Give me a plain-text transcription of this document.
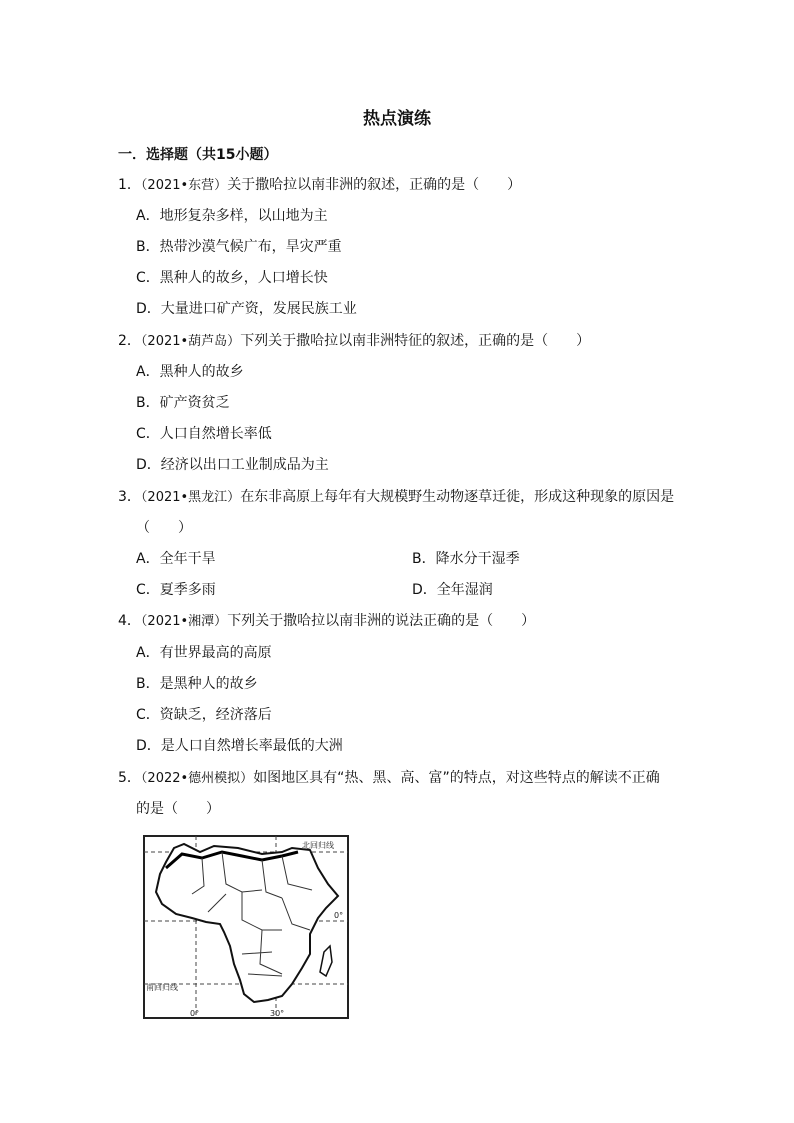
热点演练
一．选择题（共15小题）
1．（2021•东营）关于撒哈拉以南非洲的叙述，正确的是（　　）
A．地形复杂多样，以山地为主
B．热带沙漠气候广布，旱灾严重
C．黑种人的故乡，人口增长快
D．大量进口矿产资，发展民族工业
2．（2021•葫芦岛）下列关于撒哈拉以南非洲特征的叙述，正确的是（　　）
A．黑种人的故乡
B．矿产资贫乏
C．人口自然增长率低
D．经济以出口工业制成品为主
3．（2021•黑龙江）在东非高原上每年有大规模野生动物逐草迁徙，形成这种现象的原因是
（　　）
A．全年干旱	B．降水分干湿季
C．夏季多雨	D．全年湿润
4．（2021•湘潭）下列关于撒哈拉以南非洲的说法正确的是（　　）
A．有世界最高的高原
B．是黑种人的故乡
C．资缺乏，经济落后
D．是人口自然增长率最低的大洲
5．（2022•德州模拟）如图地区具有“热、黑、高、富”的特点，对这些特点的解读不正确
的是（　　）
北回归线
0°
南回归线
0°	30°
